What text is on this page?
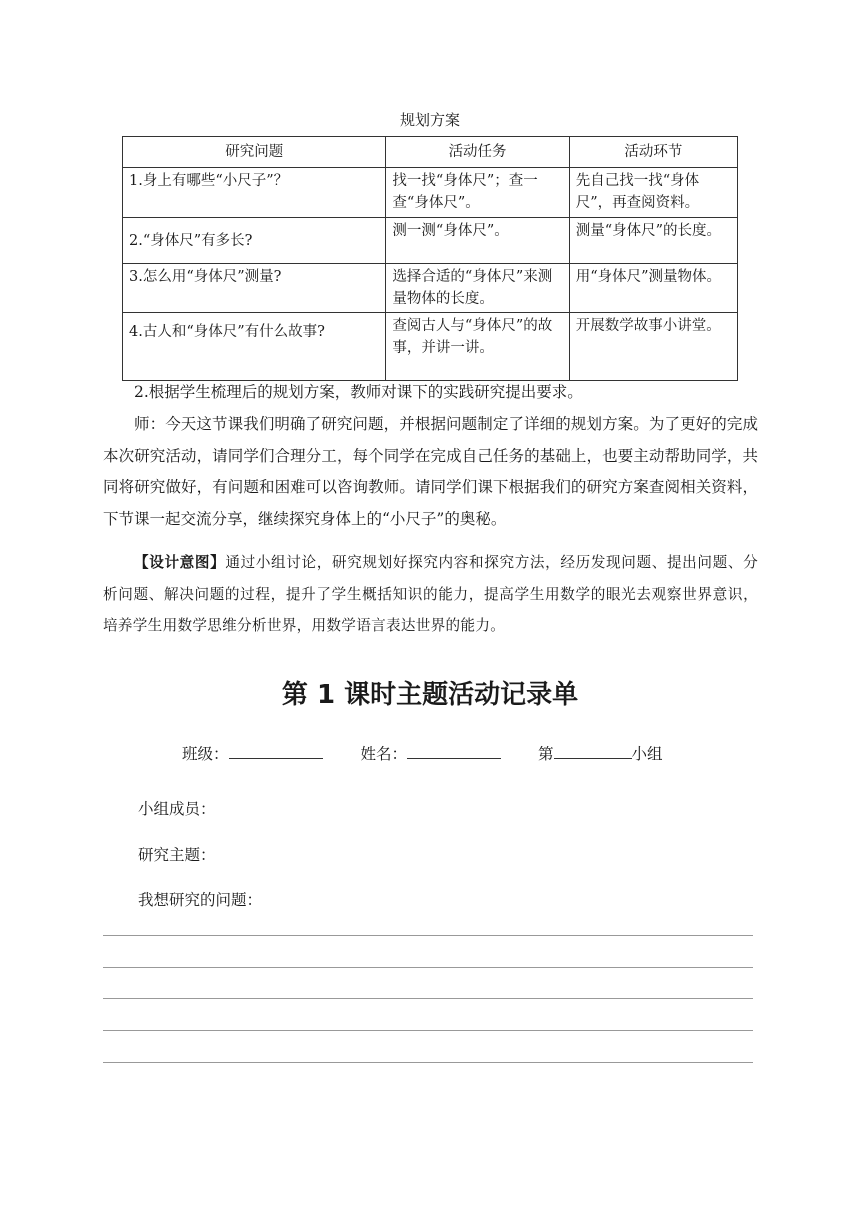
规划方案
研究问题	活动任务	活动环节
1.身上有哪些“小尺子”？	找一找“身体尺”；查一查“身体尺”。	先自己找一找“身体尺”，再查阅资料。
2.“身体尺”有多长?	测一测“身体尺”。	测量“身体尺”的长度。
3.怎么用“身体尺”测量?	选择合适的“身体尺”来测量物体的长度。	用“身体尺”测量物体。
4.古人和“身体尺”有什么故事?	查阅古人与“身体尺”的故事，并讲一讲。	开展数学故事小讲堂。
2.根据学生梳理后的规划方案，教师对课下的实践研究提出要求。
师：今天这节课我们明确了研究问题，并根据问题制定了详细的规划方案。为了更好的完成本次研究活动，请同学们合理分工，每个同学在完成自己任务的基础上，也要主动帮助同学，共同将研究做好，有问题和困难可以咨询教师。请同学们课下根据我们的研究方案查阅相关资料，下节课一起交流分享，继续探究身体上的“小尺子”的奥秘。
【设计意图】通过小组讨论，研究规划好探究内容和探究方法，经历发现问题、提出问题、分析问题、解决问题的过程，提升了学生概括知识的能力，提高学生用数学的眼光去观察世界意识，培养学生用数学思维分析世界，用数学语言表达世界的能力。
第 1 课时主题活动记录单
班级：	姓名：	第	小组
小组成员：
研究主题：
我想研究的问题：
